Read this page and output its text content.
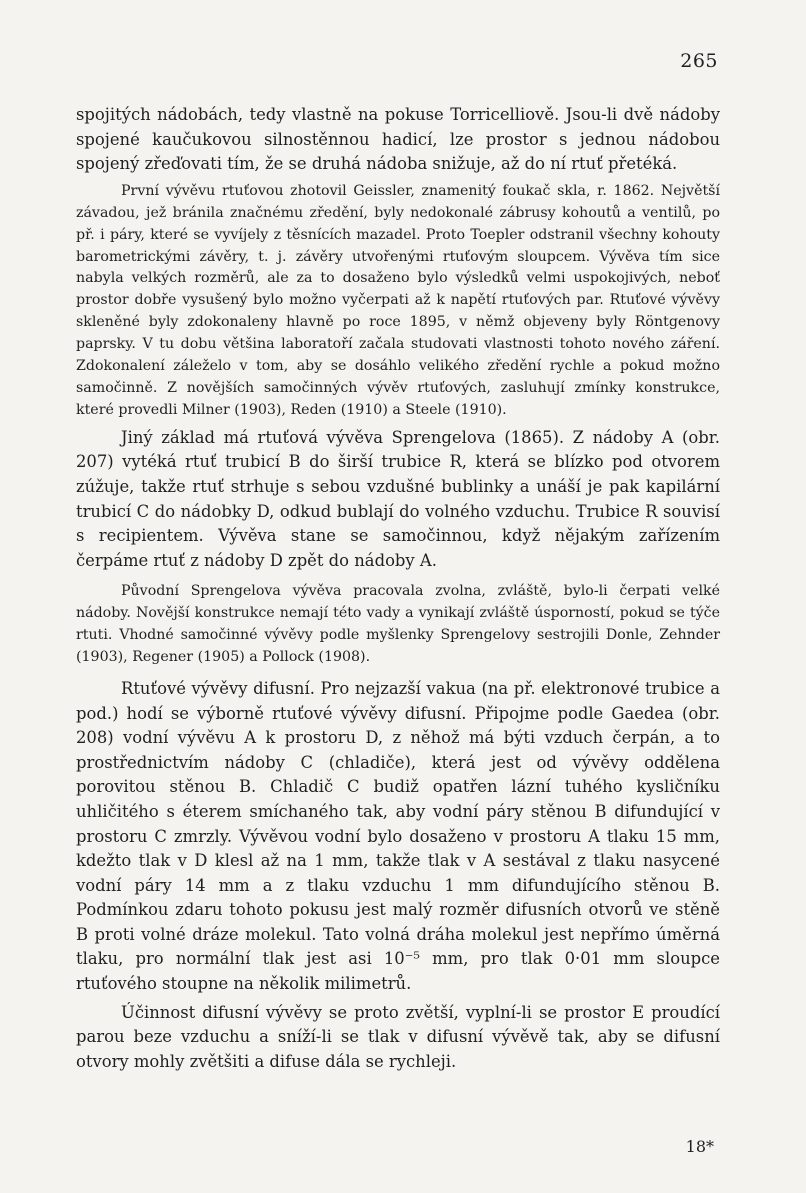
265

spojitých nádobách, tedy vlastně na pokuse Torricelliově. Jsou-li dvě nádoby spojené kaučukovou silnostěnnou hadicí, lze prostor s jednou nádobou spojený zřeďovati tím, že se druhá nádoba snižuje, až do ní rtuť přetéká.

První vývěvu rtuťovou zhotovil Geissler, znamenitý foukač skla, r. 1862. Největší závadou, jež bránila značnému zředění, byly nedokonalé zábrusy kohoutů a ventilů, po př. i páry, které se vyvíjely z těsnících mazadel. Proto Toepler odstranil všechny kohouty barometrickými závěry, t. j. závěry utvořenými rtuťovým sloupcem. Vývěva tím sice nabyla velkých rozměrů, ale za to dosaženo bylo výsledků velmi uspokojivých, neboť prostor dobře vysušený bylo možno vyčerpati až k napětí rtuťových par. Rtuťové vývěvy skleněné byly zdokonaleny hlavně po roce 1895, v němž objeveny byly Röntgenovy paprsky. V tu dobu většina laboratoří začala studovati vlastnosti tohoto nového záření. Zdokonalení záleželo v tom, aby se dosáhlo velikého zředění rychle a pokud možno samočinně. Z novějších samočinných vývěv rtuťových, zasluhují zmínky konstrukce, které provedli Milner (1903), Reden (1910) a Steele (1910).

Jiný základ má rtuťová vývěva Sprengelova (1865). Z nádoby A (obr. 207) vytéká rtuť trubicí B do širší trubice R, která se blízko pod otvorem zúžuje, takže rtuť strhuje s sebou vzdušné bublinky a unáší je pak kapilární trubicí C do nádobky D, odkud bublají do volného vzduchu. Trubice R souvisí s recipientem. Vývěva stane se samočinnou, když nějakým zařízením čerpáme rtuť z nádoby D zpět do nádoby A.

Původní Sprengelova vývěva pracovala zvolna, zvláště, bylo-li čerpati velké nádoby. Novější konstrukce nemají této vady a vynikají zvláště úsporností, pokud se týče rtuti. Vhodné samočinné vývěvy podle myšlenky Sprengelovy sestrojili Donle, Zehnder (1903), Regener (1905) a Pollock (1908).

Rtuťové vývěvy difusní. Pro nejzazší vakua (na př. elektronové trubice a pod.) hodí se výborně rtuťové vývěvy difusní. Připojme podle Gaedea (obr. 208) vodní vývěvu A k prostoru D, z něhož má býti vzduch čerpán, a to prostřednictvím nádoby C (chladiče), která jest od vývěvy oddělena porovitou stěnou B. Chladič C budiž opatřen lázní tuhého kysličníku uhličitého s éterem smíchaného tak, aby vodní páry stěnou B difundující v prostoru C zmrzly. Vývěvou vodní bylo dosaženo v prostoru A tlaku 15 mm, kdežto tlak v D klesl až na 1 mm, takže tlak v A sestával z tlaku nasycené vodní páry 14 mm a z tlaku vzduchu 1 mm difundujícího stěnou B. Podmínkou zdaru tohoto pokusu jest malý rozměr difusních otvorů ve stěně B proti volné dráze molekul. Tato volná dráha molekul jest nepřímo úměrná tlaku, pro normální tlak jest asi 10⁻⁵ mm, pro tlak 0·01 mm sloupce rtuťového stoupne na několik milimetrů.

Účinnost difusní vývěvy se proto zvětší, vyplní-li se prostor E proudící parou beze vzduchu a sníží-li se tlak v difusní vývěvě tak, aby se difusní otvory mohly zvětšiti a difuse dála se rychleji.

18*
